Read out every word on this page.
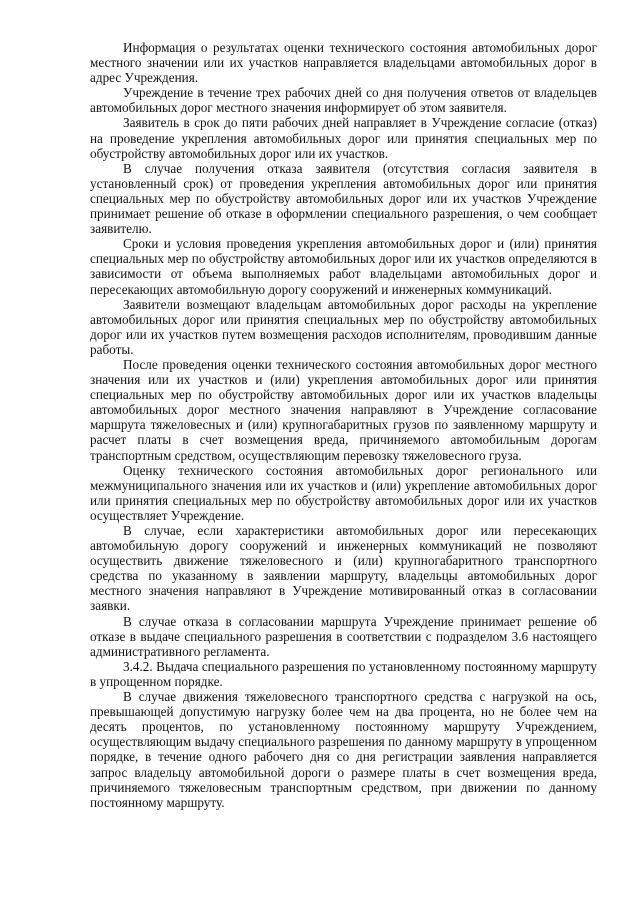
Информация о результатах оценки технического состояния автомобильных дорог местного значении или их участков направляется владельцами автомобильных дорог в адрес Учреждения.

Учреждение в течение трех рабочих дней со дня получения ответов от владельцев автомобильных дорог местного значения информирует об этом заявителя.

Заявитель в срок до пяти рабочих дней направляет в Учреждение согласие (отказ) на проведение укрепления автомобильных дорог или принятия специальных мер по обустройству автомобильных дорог или их участков.

В случае получения отказа заявителя (отсутствия согласия заявителя в установленный срок) от проведения укрепления автомобильных дорог или принятия специальных мер по обустройству автомобильных дорог или их участков Учреждение принимает решение об отказе в оформлении специального разрешения, о чем сообщает заявителю.

Сроки и условия проведения укрепления автомобильных дорог и (или) принятия специальных мер по обустройству автомобильных дорог или их участков определяются в зависимости от объема выполняемых работ владельцами автомобильных дорог и пересекающих автомобильную дорогу сооружений и инженерных коммуникаций.

Заявители возмещают владельцам автомобильных дорог расходы на укрепление автомобильных дорог или принятия специальных мер по обустройству автомобильных дорог или их участков путем возмещения расходов исполнителям, проводившим данные работы.

После проведения оценки технического состояния автомобильных дорог местного значения или их участков и (или) укрепления автомобильных дорог или принятия специальных мер по обустройству автомобильных дорог или их участков владельцы автомобильных дорог местного значения направляют в Учреждение согласование маршрута тяжеловесных и (или) крупногабаритных грузов по заявленному маршруту и расчет платы в счет возмещения вреда, причиняемого автомобильным дорогам транспортным средством, осуществляющим перевозку тяжеловесного груза.

Оценку технического состояния автомобильных дорог регионального или межмуниципального значения или их участков и (или) укрепление автомобильных дорог или принятия специальных мер по обустройству автомобильных дорог или их участков осуществляет Учреждение.

В случае, если характеристики автомобильных дорог или пересекающих автомобильную дорогу сооружений и инженерных коммуникаций не позволяют осуществить движение тяжеловесного и (или) крупногабаритного транспортного средства по указанному в заявлении маршруту, владельцы автомобильных дорог местного значения направляют в Учреждение мотивированный отказ в согласовании заявки.

В случае отказа в согласовании маршрута Учреждение принимает решение об отказе в выдаче специального разрешения в соответствии с подразделом 3.6 настоящего административного регламента.

3.4.2. Выдача специального разрешения по установленному постоянному маршруту в упрощенном порядке.

В случае движения тяжеловесного транспортного средства с нагрузкой на ось, превышающей допустимую нагрузку более чем на два процента, но не более чем на десять процентов, по установленному постоянному маршруту Учреждением, осуществляющим выдачу специального разрешения по данному маршруту в упрощенном порядке, в течение одного рабочего дня со дня регистрации заявления направляется запрос владельцу автомобильной дороги о размере платы в счет возмещения вреда, причиняемого тяжеловесным транспортным средством, при движении по данному постоянному маршруту.
